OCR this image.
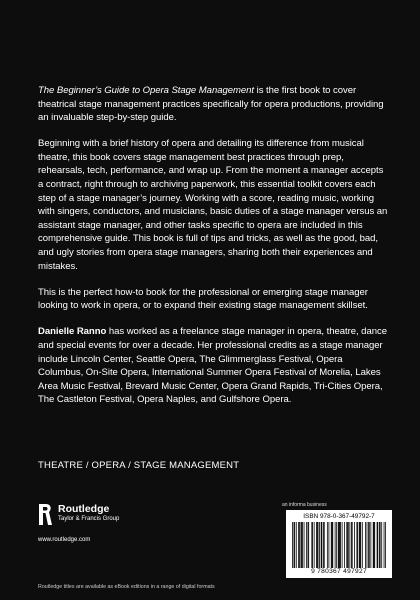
The Beginner’s Guide to Opera Stage Management is the first book to cover theatrical stage management practices specifically for opera productions, providing an invaluable step-by-step guide.

Beginning with a brief history of opera and detailing its difference from musical theatre, this book covers stage management best practices through prep, rehearsals, tech, performance, and wrap up. From the moment a manager accepts a contract, right through to archiving paperwork, this essential toolkit covers each step of a stage manager’s journey. Working with a score, reading music, working with singers, conductors, and musicians, basic duties of a stage manager versus an assistant stage manager, and other tasks specific to opera are included in this comprehensive guide. This book is full of tips and tricks, as well as the good, bad, and ugly stories from opera stage managers, sharing both their experiences and mistakes.

This is the perfect how-to book for the professional or emerging stage manager looking to work in opera, or to expand their existing stage management skillset.

Danielle Ranno has worked as a freelance stage manager in opera, theatre, dance and special events for over a decade. Her professional credits as a stage manager include Lincoln Center, Seattle Opera, The Glimmerglass Festival, Opera Columbus, On-Site Opera, International Summer Opera Festival of Morelia, Lakes Area Music Festival, Brevard Music Center, Opera Grand Rapids, Tri-Cities Opera, The Castleton Festival, Opera Naples, and Gulfshore Opera.

THEATRE / OPERA / STAGE MANAGEMENT
Routledge
Taylor & Francis Group
www.routledge.com
an informa business
ISBN 978-0-367-49792-7
9 780367 497927
Routledge titles are available as eBook editions in a range of digital formats
